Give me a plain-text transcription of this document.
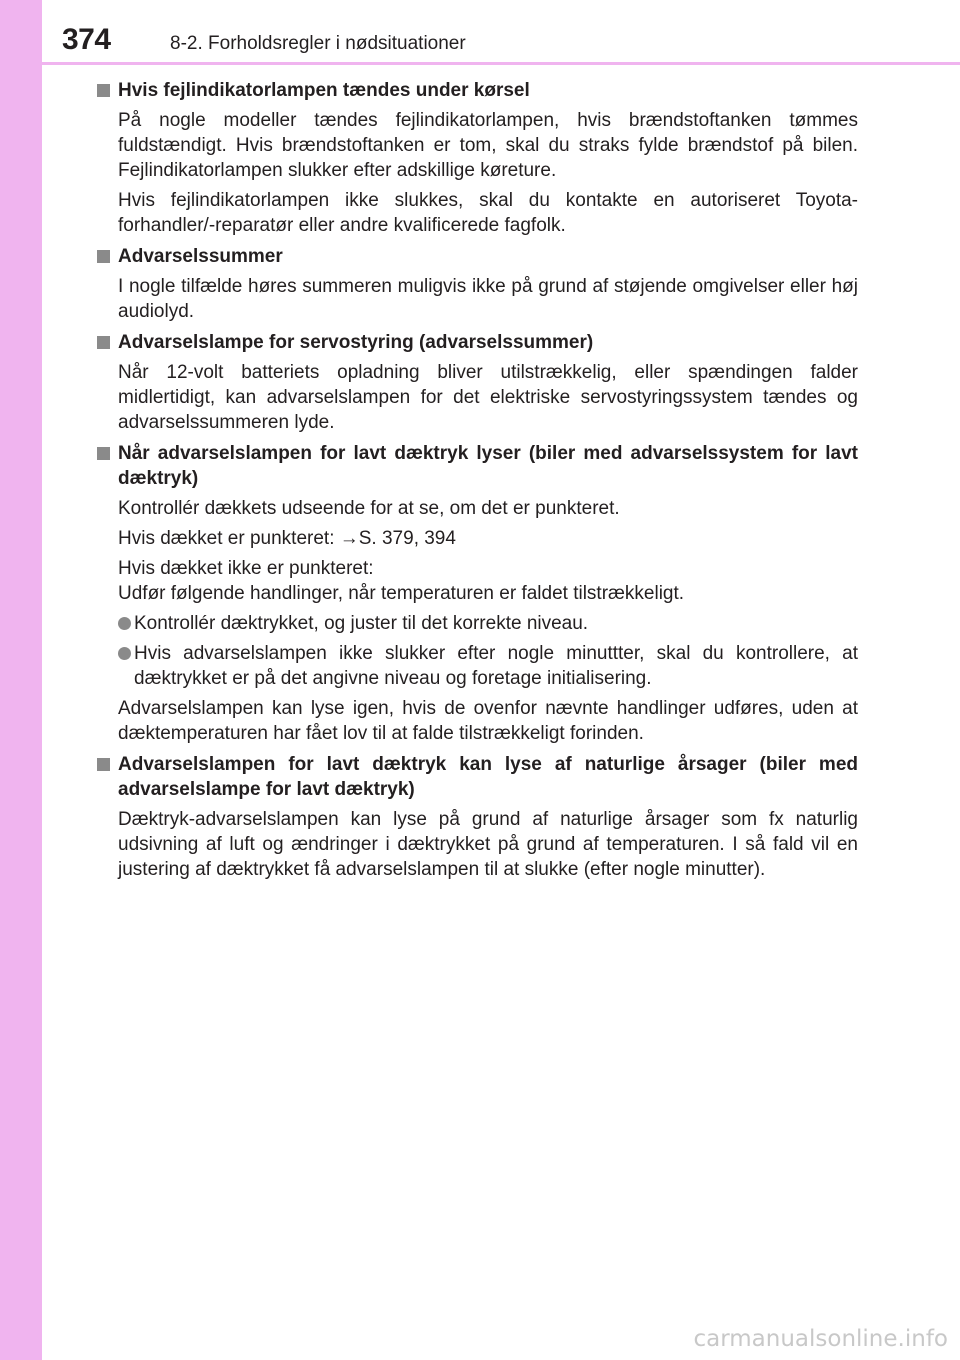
374	8-2. Forholdsregler i nødsituationer
Hvis fejlindikatorlampen tændes under kørsel
På nogle modeller tændes fejlindikatorlampen, hvis brændstoftanken tømmes fuldstændigt. Hvis brændstoftanken er tom, skal du straks fylde brændstof på bilen. Fejlindikatorlampen slukker efter adskillige køreture.
Hvis fejlindikatorlampen ikke slukkes, skal du kontakte en autoriseret Toyota-forhandler/-reparatør eller andre kvalificerede fagfolk.
Advarselssummer
I nogle tilfælde høres summeren muligvis ikke på grund af støjende omgivelser eller høj audiolyd.
Advarselslampe for servostyring (advarselssummer)
Når 12-volt batteriets opladning bliver utilstrækkelig, eller spændingen falder midlertidigt, kan advarselslampen for det elektriske servostyringssystem tændes og advarselssummeren lyde.
Når advarselslampen for lavt dæktryk lyser (biler med advarselssystem for lavt dæktryk)
Kontrollér dækkets udseende for at se, om det er punkteret.
Hvis dækket er punkteret: →S. 379, 394
Hvis dækket ikke er punkteret:
Udfør følgende handlinger, når temperaturen er faldet tilstrækkeligt.
Kontrollér dæktrykket, og juster til det korrekte niveau.
Hvis advarselslampen ikke slukker efter nogle minuttter, skal du kontrollere, at dæktrykket er på det angivne niveau og foretage initialisering.
Advarselslampen kan lyse igen, hvis de ovenfor nævnte handlinger udføres, uden at dæktemperaturen har fået lov til at falde tilstrækkeligt forinden.
Advarselslampen for lavt dæktryk kan lyse af naturlige årsager (biler med advarselslampe for lavt dæktryk)
Dæktryk-advarselslampen kan lyse på grund af naturlige årsager som fx naturlig udsivning af luft og ændringer i dæktrykket på grund af temperaturen. I så fald vil en justering af dæktrykket få advarselslampen til at slukke (efter nogle minutter).
carmanualsonline.info
